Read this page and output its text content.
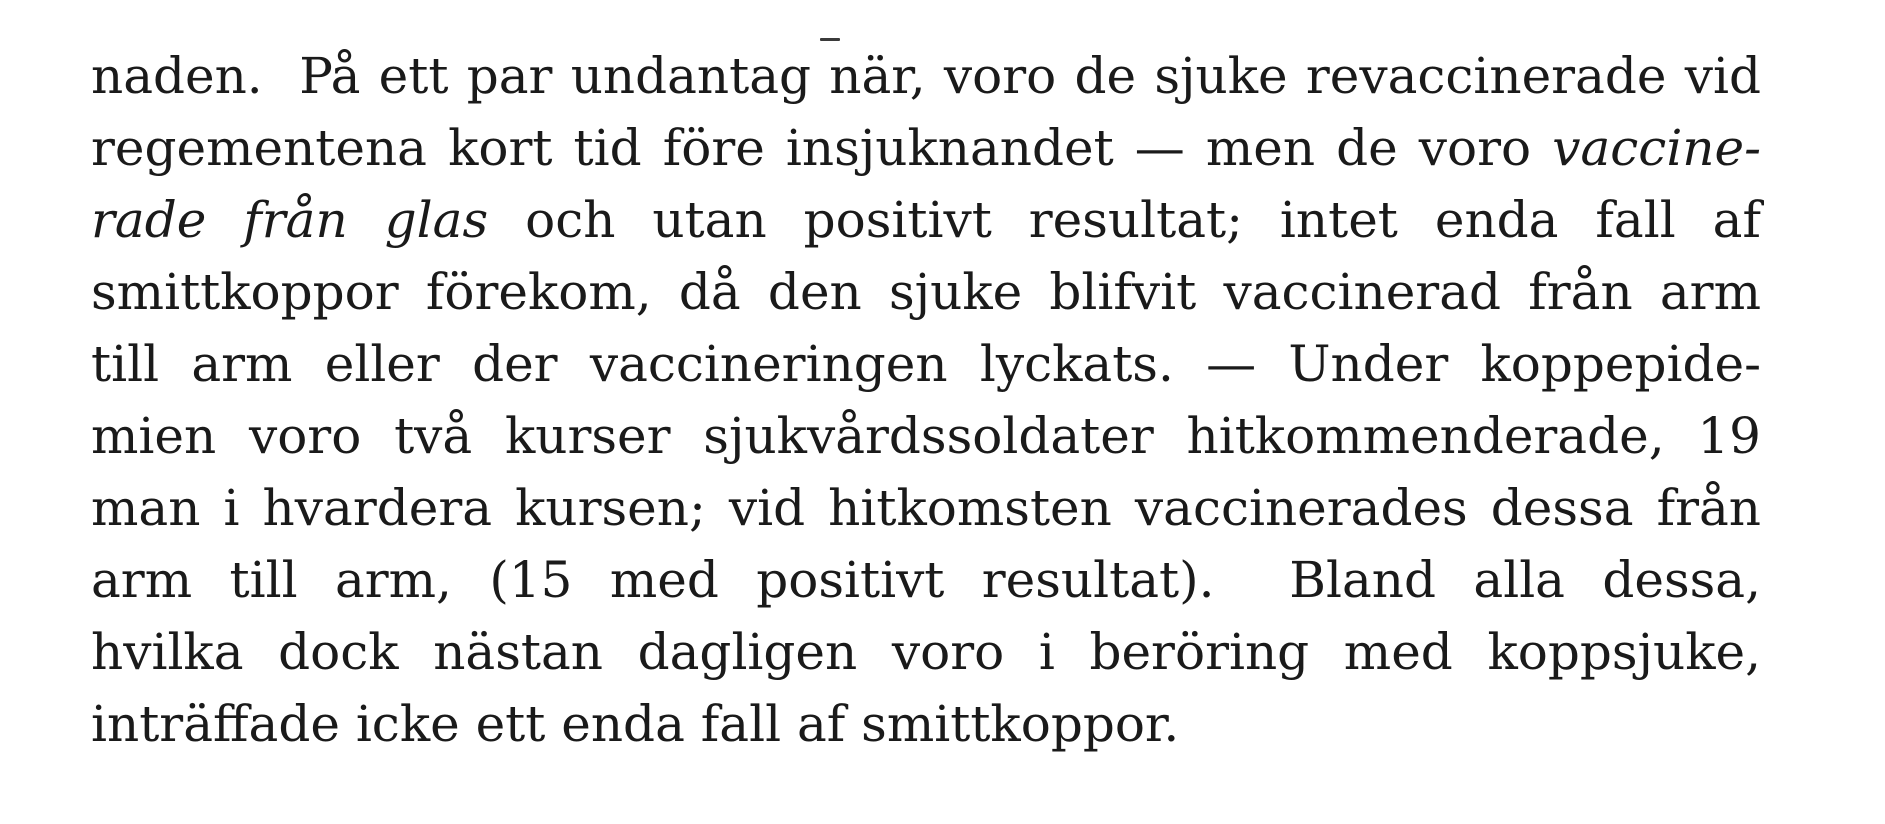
naden.  På ett par undantag när, voro de sjuke revaccinerade vid
regementena kort tid före insjuknandet — men de voro vaccine-
rade från glas och utan positivt resultat; intet enda fall af
smittkoppor förekom, då den sjuke blifvit vaccinerad från arm
till arm eller der vaccineringen lyckats. — Under koppepide-
mien voro två kurser sjukvårdssoldater hitkommenderade, 19
man i hvardera kursen; vid hitkomsten vaccinerades dessa från
arm till arm, (15 med positivt resultat).  Bland alla dessa,
hvilka dock nästan dagligen voro i beröring med koppsjuke,
inträffade icke ett enda fall af smittkoppor.
